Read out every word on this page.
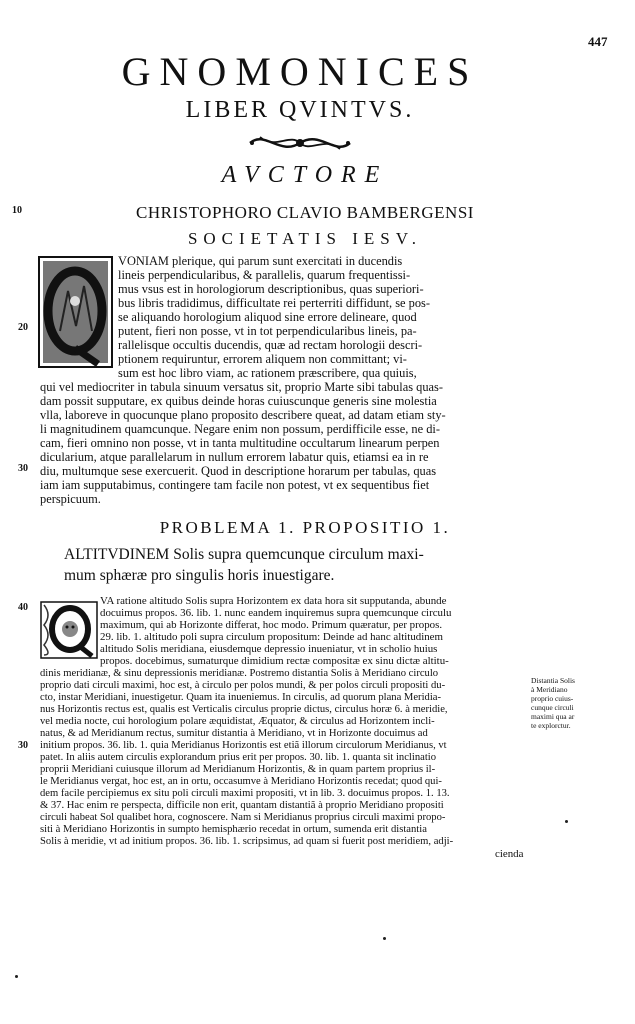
447
GNOMONICES
LIBER QVINTVS.
AVCTORE
CHRISTOPHORO CLAVIO BAMBERGENSI
SOCIETATIS IESV.
10
20
30
40
30
VONIAM plerique, qui parum sunt exercitati in ducendis
lineis perpendicularibus, & parallelis, quarum frequentissi-
mus vsus est in horologiorum descriptionibus, quas superiori-
bus libris tradidimus, difficultate rei perterriti diffidunt, se pos-
se aliquando horologium aliquod sine errore delineare, quod
putent, fieri non posse, vt in tot perpendicularibus lineis, pa-
rallelisque occultis ducendis, quæ ad rectam horologii descri-
ptionem requiruntur, errorem aliquem non committant; vi-
sum est hoc libro viam, ac rationem præscribere, qua quiuis,
qui vel mediocriter in tabula sinuum versatus sit, proprio Marte sibi tabulas quas-
dam possit supputare, ex quibus deinde horas cuiuscunque generis sine molestia
vlla, laboreve in quocunque plano proposito describere queat, ad datam etiam sty-
li magnitudinem quamcunque. Negare enim non possum, perdifficile esse, ne di-
cam, fieri omnino non posse, vt in tanta multitudine occultarum linearum perpen
dicularium, atque parallelarum in nullum errorem labatur quis, etiamsi ea in re
diu, multumque sese exercuerit. Quod in descriptione horarum per tabulas, quas
iam iam supputabimus, contingere tam facile non potest, vt ex sequentibus fiet
perspicuum.
PROBLEMA 1. PROPOSITIO 1.
ALTITVDINEM Solis supra quemcunque circulum maxi-
mum sphæræ pro singulis horis inuestigare.
VA ratione altitudo Solis supra Horizontem ex data hora sit supputanda, abunde
docuimus propos. 36. lib. 1. nunc eandem inquiremus supra quemcunque circulu
maximum, qui ab Horizonte differat, hoc modo. Primum quæratur, per propos.
29. lib. 1. altitudo poli supra circulum propositum: Deinde ad hanc altitudinem
altitudo Solis meridiana, eiusdemque depressio inueniatur, vt in scholio huius
propos. docebimus, sumaturque dimidium rectæ compositæ ex sinu dictæ altitu-
dinis meridianæ, & sinu depressionis meridianæ. Postremo distantia Solis à Meridiano circulo
proprio dati circuli maximi, hoc est, à circulo per polos mundi, & per polos circuli propositi du-
cto, instar Meridiani, inuestigetur. Quam ita inueniemus. In circulis, ad quorum plana Meridia-
nus Horizontis rectus est, qualis est Verticalis circulus proprie dictus, circulus horæ 6. à meridie,
vel media nocte, cui horologium polare æquidistat, Æquator, & circulus ad Horizontem incli-
natus, & ad Meridianum rectus, sumitur distantia à Meridiano, vt in Horizonte docuimus ad
initium propos. 36. lib. 1. quia Meridianus Horizontis est etiã illorum circulorum Meridianus, vt
patet. In aliis autem circulis explorandum prius erit per propos. 30. lib. 1. quanta sit inclinatio
proprii Meridiani cuiusque illorum ad Meridianum Horizontis, & in quam partem proprius il-
le Meridianus vergat, hoc est, an in ortu, occasumve à Meridiano Horizontis recedat; quod qui-
dem facile percipiemus ex situ poli circuli maximi propositi, vt in lib. 3. docuimus propos. 1. 13.
& 37. Hac enim re perspecta, difficile non erit, quantam distantiã à proprio Meridiano propositi
circuli habeat Sol qualibet hora, cognoscere. Nam si Meridianus proprius circuli maximi propo-
siti à Meridiano Horizontis in sumpto hemisphærio recedat in ortum, sumenda erit distantia
Solis à meridie, vt ad initium propos. 36. lib. 1. scripsimus, ad quam si fuerit post meridiem, adji-
cienda
Distantia Solis
à Meridiano
proprio cuius-
cunque circuli
maximi qua ar
te explorctur.
